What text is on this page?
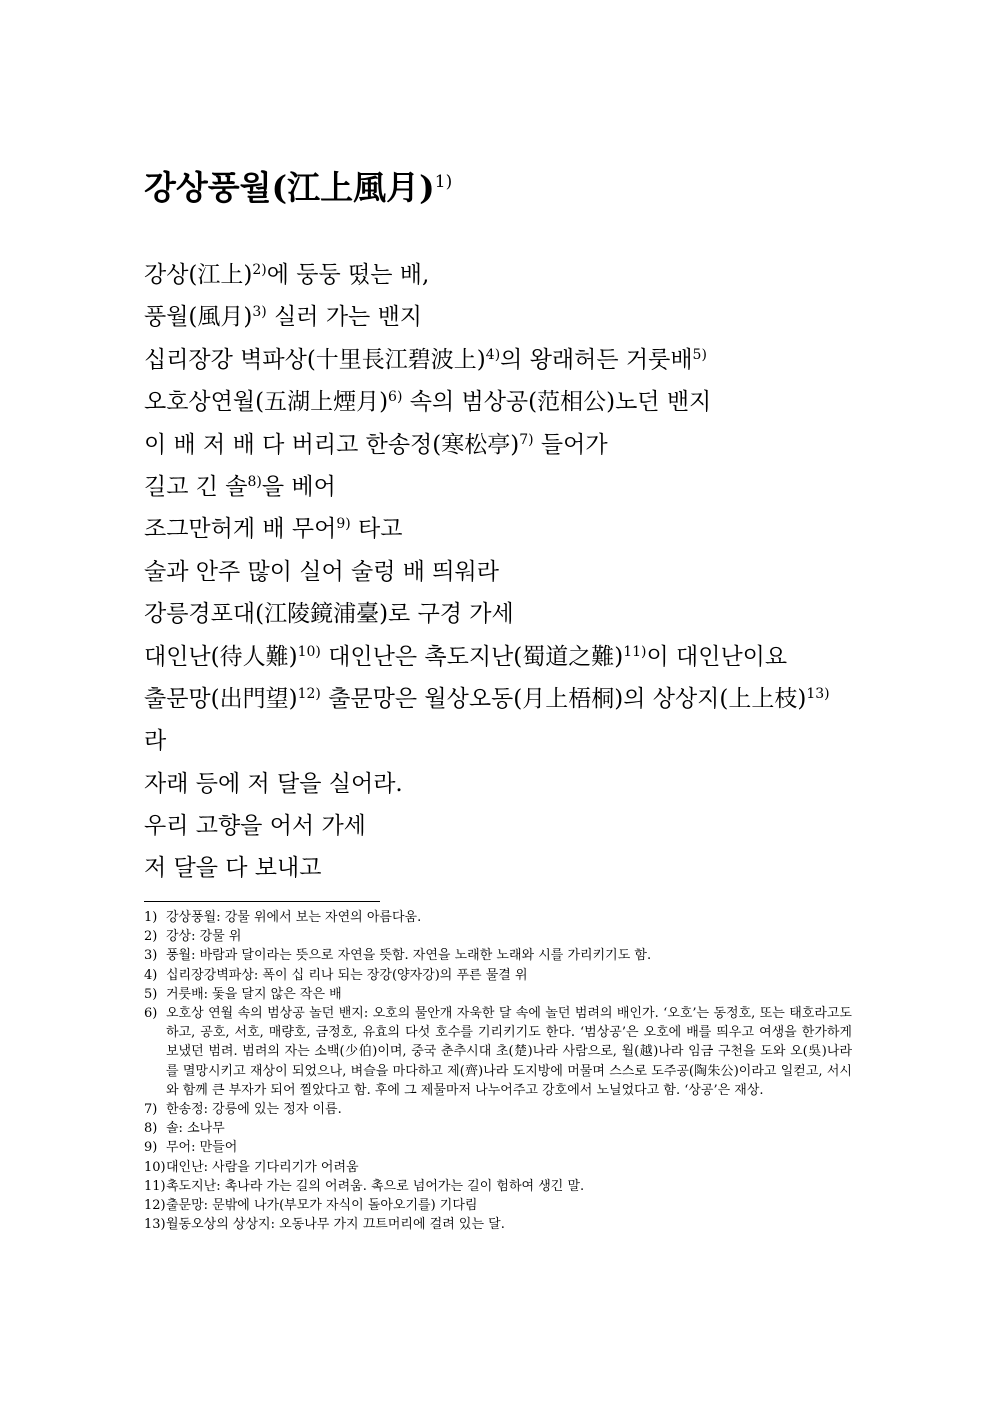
강상풍월(江上風月)$^{1)}$
강상(江上)$^{2)}$에 둥둥 떴는 배,
풍월(風月)$^{3)}$ 실러 가는 밴지
십리장강 벽파상(十里長江碧波上)$^{4)}$의 왕래허든 거룻배$^{5)}$
오호상연월(五湖上煙月)$^{6)}$ 속의 범상공(范相公)노던 밴지
이 배 저 배 다 버리고 한송정(寒松亭)$^{7)}$ 들어가
길고 긴 솔$^{8)}$을 베어
조그만허게 배 무어$^{9)}$ 타고
술과 안주 많이 실어 술렁 배 띄워라
강릉경포대(江陵鏡浦臺)로 구경 가세
대인난(待人難)$^{10)}$ 대인난은 촉도지난(蜀道之難)$^{11)}$이 대인난이요
출문망(出門望)$^{12)}$ 출문망은 월상오동(月上梧桐)의 상상지(上上枝)$^{13)}$
라
자래 등에 저 달을 실어라.
우리 고향을 어서 가세
저 달을 다 보내고
1) 강상풍월: 강물 위에서 보는 자연의 아름다움.
2) 강상: 강물 위
3) 풍월: 바람과 달이라는 뜻으로 자연을 뜻함. 자연을 노래한 노래와 시를 가리키기도 함.
4) 십리장강벽파상: 폭이 십 리나 되는 장강(양자강)의 푸른 물결 위
5) 거룻배: 돛을 달지 않은 작은 배
6) 오호상 연월 속의 범상공 놀던 밴지: 오호의 물안개 자욱한 달 속에 놀던 범려의 배인가. ‘오호’는 동정호, 또는 태호라고도 하고, 공호, 서호, 매량호, 금정호, 유효의 다섯 호수를 기리키기도 한다. ‘범상공’은 오호에 배를 띄우고 여생을 한가하게 보냈던 범려. 범려의 자는 소백(少伯)이며, 중국 춘추시대 초(楚)나라 사람으로, 월(越)나라 임금 구천을 도와 오(吳)나라를 멸망시키고 재상이 되었으나, 벼슬을 마다하고 제(齊)나라 도지방에 머물며 스스로 도주공(陶朱公)이라고 일컫고, 서시와 함께 큰 부자가 되어 찔았다고 함. 후에 그 제물마저 나누어주고 강호에서 노닐었다고 함. ‘상공’은 재상.
7) 한송정: 강릉에 있는 정자 이름.
8) 솔: 소나무
9) 무어: 만들어
10) 대인난: 사람을 기다리기가 어려움
11) 촉도지난: 촉나라 가는 길의 어려움. 촉으로 넘어가는 길이 험하여 생긴 말.
12) 출문망: 문밖에 나가(부모가 자식이 돌아오기를) 기다림
13) 월동오상의 상상지: 오동나무 가지 끄트머리에 걸려 있는 달.
